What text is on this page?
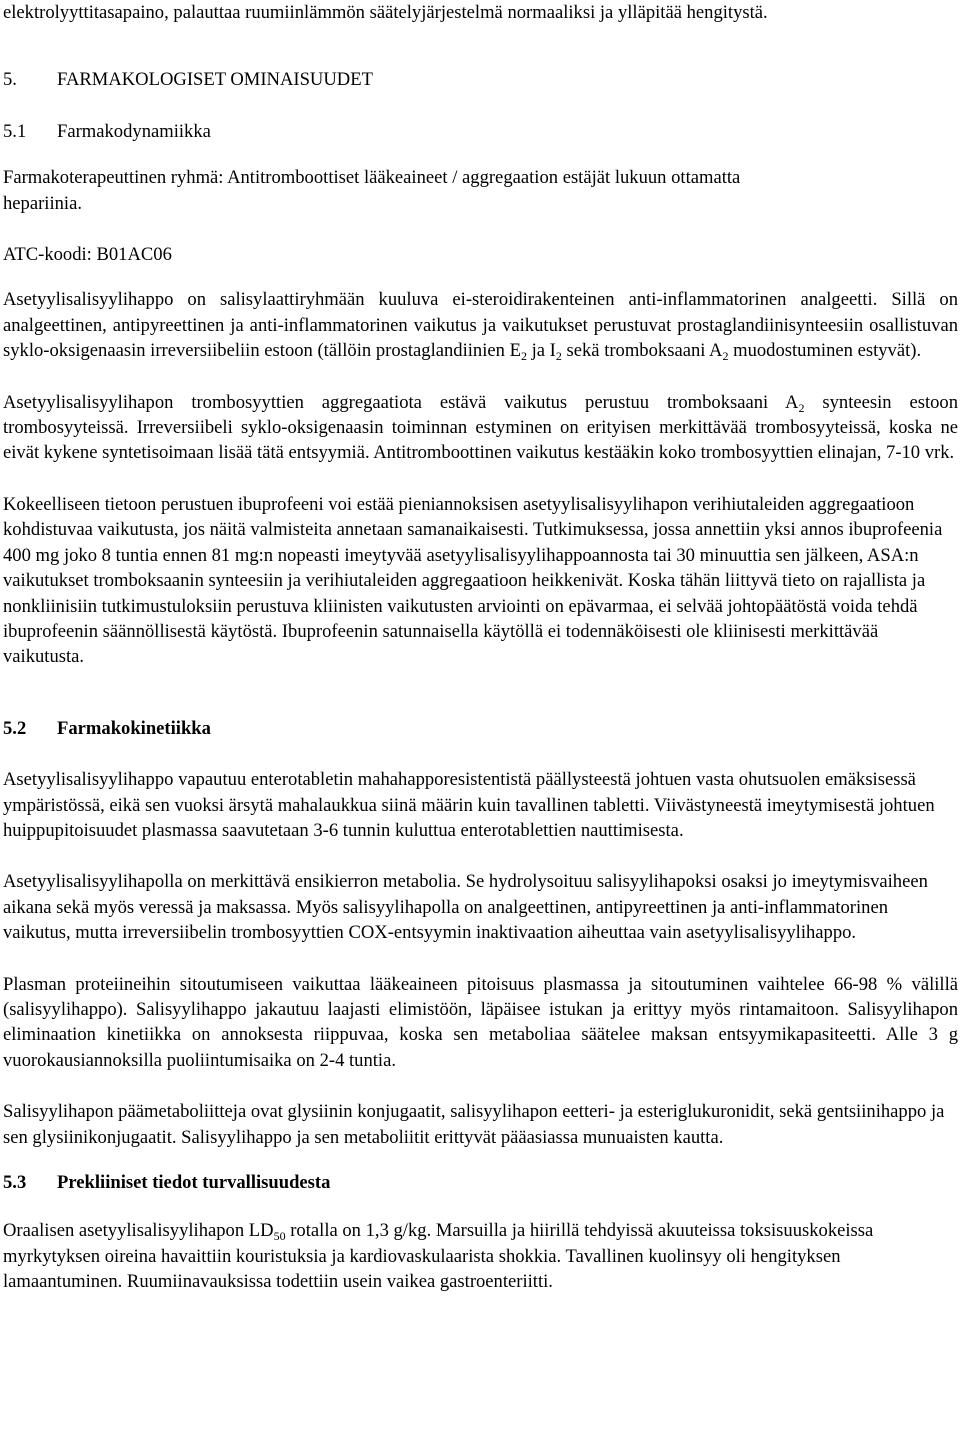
elektrolyyttitasapaino, palauttaa ruumiinlämmön säätelyjärjestelmä normaaliksi ja ylläpitää hengitystä.

5. FARMAKOLOGISET OMINAISUUDET
5.1 Farmakodynamiikka

Farmakoterapeuttinen ryhmä: Antitromboottiset lääkeaineet / aggregaation estäjät lukuun ottamatta
hepariinia.

ATC-koodi: B01AC06

Asetyylisalisyylihappo on salisylaattiryhmään kuuluva ei-steroidirakenteinen anti-inflammatorinen analgeetti. Sillä on analgeettinen, antipyreettinen ja anti-inflammatorinen vaikutus ja vaikutukset perustuvat prostaglandiinisynteesiin osallistuvan syklo-oksigenaasin irreversiibeliin estoon (tällöin prostaglandiinien $E_2$ ja $I_2$ sekä tromboksaani $A_2$ muodostuminen estyvät).

Asetyylisalisyylihapon trombosyyttien aggregaatiota estävä vaikutus perustuu tromboksaani $A_2$ synteesin estoon trombosyyteissä. Irreversiibeli syklo-oksigenaasin toiminnan estyminen on erityisen merkittävää trombosyyteissä, koska ne eivät kykene syntetisoimaan lisää tätä entsyymiä. Antitromboottinen vaikutus kestääkin koko trombosyyttien elinajan, 7-10 vrk.

Kokeelliseen tietoon perustuen ibuprofeeni voi estää pieniannoksisen asetyylisalisyylihapon verihiutaleiden aggregaatioon kohdistuvaa vaikutusta, jos näitä valmisteita annetaan samanaikaisesti. Tutkimuksessa, jossa annettiin yksi annos ibuprofeenia 400 mg joko 8 tuntia ennen 81 mg:n nopeasti imeytyvää asetyylisalisyylihappoannosta tai 30 minuuttia sen jälkeen, ASA:n vaikutukset tromboksaanin synteesiin ja verihiutaleiden aggregaatioon heikkenivät. Koska tähän liittyvä tieto on rajallista ja nonkliinisiin tutkimustuloksiin perustuva kliinisten vaikutusten arviointi on epävarmaa, ei selvää johtopäätöstä voida tehdä ibuprofeenin säännöllisestä käytöstä. Ibuprofeenin satunnaisella käytöllä ei todennäköisesti ole kliinisesti merkittävää vaikutusta.

5.2 Farmakokinetiikka

Asetyylisalisyylihappo vapautuu enterotabletin mahahapporesistentistä päällysteestä johtuen vasta ohutsuolen emäksisessä ympäristössä, eikä sen vuoksi ärsytä mahalaukkua siinä määrin kuin tavallinen tabletti. Viivästyneestä imeytymisestä johtuen huippupitoisuudet plasmassa saavutetaan 3-6 tunnin kuluttua enterotablettien nauttimisesta.

Asetyylisalisyylihapolla on merkittävä ensikierron metabolia. Se hydrolysoituu salisyylihapoksi osaksi jo imeytymisvaiheen aikana sekä myös veressä ja maksassa. Myös salisyylihapolla on analgeettinen, antipyreettinen ja anti-inflammatorinen vaikutus, mutta irreversiibelin trombosyyttien COX-entsyymin inaktivaation aiheuttaa vain asetyylisalisyylihappo.

Plasman proteiineihin sitoutumiseen vaikuttaa lääkeaineen pitoisuus plasmassa ja sitoutuminen vaihtelee 66-98 % välillä (salisyylihappo). Salisyylihappo jakautuu laajasti elimistöön, läpäisee istukan ja erittyy myös rintamaitoon. Salisyylihapon eliminaation kinetiikka on annoksesta riippuvaa, koska sen metaboliaa säätelee maksan entsyymikapasiteetti. Alle 3 g vuorokausiannoksilla puoliintumisaika on 2-4 tuntia.

Salisyylihapon päämetaboliitteja ovat glysiinin konjugaatit, salisyylihapon eetteri- ja esteriglukuronidit, sekä gentsiinihappo ja sen glysiinikonjugaatit. Salisyylihappo ja sen metaboliitit erittyvät pääasiassa munuaisten kautta.

5.3 Prekliiniset tiedot turvallisuudesta

Oraalisen asetyylisalisyylihapon $LD_{50}$ rotalla on 1,3 g/kg. Marsuilla ja hiirillä tehdyissä akuuteissa toksisuuskokeissa myrkytyksen oireina havaittiin kouristuksia ja kardiovaskulaarista shokkia. Tavallinen kuolinsyy oli hengityksen lamaantuminen. Ruumiinavauksissa todettiin usein vaikea gastroenteriitti.
